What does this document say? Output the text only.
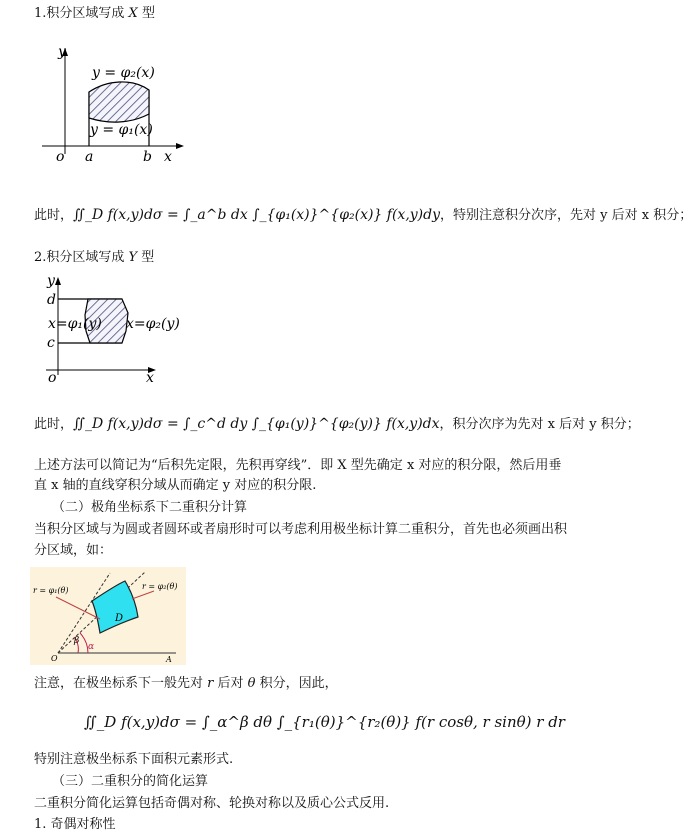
1.积分区域写成 X 型
y
y = φ₂(x)
y = φ₁(x)
o a	b x
此时，∬_D f(x,y)dσ = ∫_a^b dx ∫_{φ₁(x)}^{φ₂(x)} f(x,y)dy，特别注意积分次序，先对 y 后对 x 积分；
2.积分区域写成 Y 型
y
d
c
x=φ₁(y) x=φ₂(y)
o	x
此时，∬_D f(x,y)dσ = ∫_c^d dy ∫_{φ₁(y)}^{φ₂(y)} f(x,y)dx，积分次序为先对 x 后对 y 积分；
上述方法可以简记为“后积先定限，先积再穿线”．即 X 型先确定 x 对应的积分限，然后用垂
直 x 轴的直线穿积分域从而确定 y 对应的积分限.
（二）极角坐标系下二重积分计算
当积分区域与为圆或者圆环或者扇形时可以考虑利用极坐标计算二重积分，首先也必须画出积
分区域，如：
r = φ₁(θ)	r = φ₂(θ)
D
β
α
O	A
注意，在极坐标系下一般先对 r 后对 θ 积分，因此，
∬_D f(x,y)dσ = ∫_α^β dθ ∫_{r₁(θ)}^{r₂(θ)} f(r cosθ, r sinθ) r dr
特别注意极坐标系下面积元素形式.
（三）二重积分的简化运算
二重积分简化运算包括奇偶对称、轮换对称以及质心公式反用.
1. 奇偶对称性
